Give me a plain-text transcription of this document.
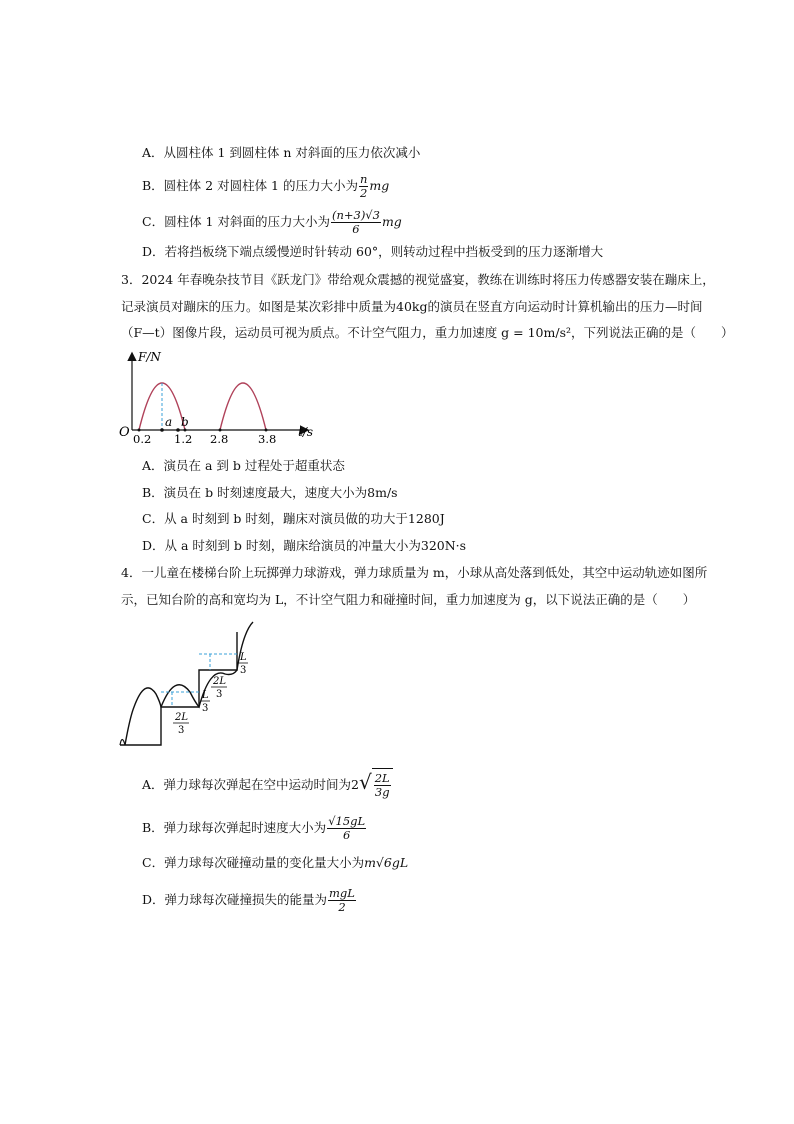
A．从圆柱体 1 到圆柱体 n 对斜面的压力依次减小
B．圆柱体 2 对圆柱体 1 的压力大小为 $\frac{n}{2}$ mg
C．圆柱体 1 对斜面的压力大小为 $\frac{(n+3)√3}{6}$ mg
D．若将挡板绕下端点缓慢逆时针转动 60°，则转动过程中挡板受到的压力逐渐增大
3．2024 年春晚杂技节目《跃龙门》带给观众震撼的视觉盛宴，教练在训练时将压力传感器安装在蹦床上，
记录演员对蹦床的压力。如图是某次彩排中质量为40kg的演员在竖直方向运动时计算机输出的压力—时间
（F—t）图像片段，运动员可视为质点。不计空气阻力，重力加速度 g = 10m/s²，下列说法正确的是（　　）
F/N
O	t/s
a b
0.2 1.2 2.8	3.8
A．演员在 a 到 b 过程处于超重状态
B．演员在 b 时刻速度最大，速度大小为8m/s
C．从 a 时刻到 b 时刻，蹦床对演员做的功大于1280J
D．从 a 时刻到 b 时刻，蹦床给演员的冲量大小为320N·s
4．一儿童在楼梯台阶上玩掷弹力球游戏，弹力球质量为 m，小球从高处落到低处，其空中运动轨迹如图所
示，已知台阶的高和宽均为 L，不计空气阻力和碰撞时间，重力加速度为 g，以下说法正确的是（　　）
L
3
2L
3
L
3
2L
3
A．弹力球每次弹起在空中运动时间为$2√ \frac{2L}{3g}$
B．弹力球每次弹起时速度大小为 $\frac{√15gL}{6}$
C．弹力球每次碰撞动量的变化量大小为m√6gL
D．弹力球每次碰撞损失的能量为 $\frac{\text{mgL}}{2}$
